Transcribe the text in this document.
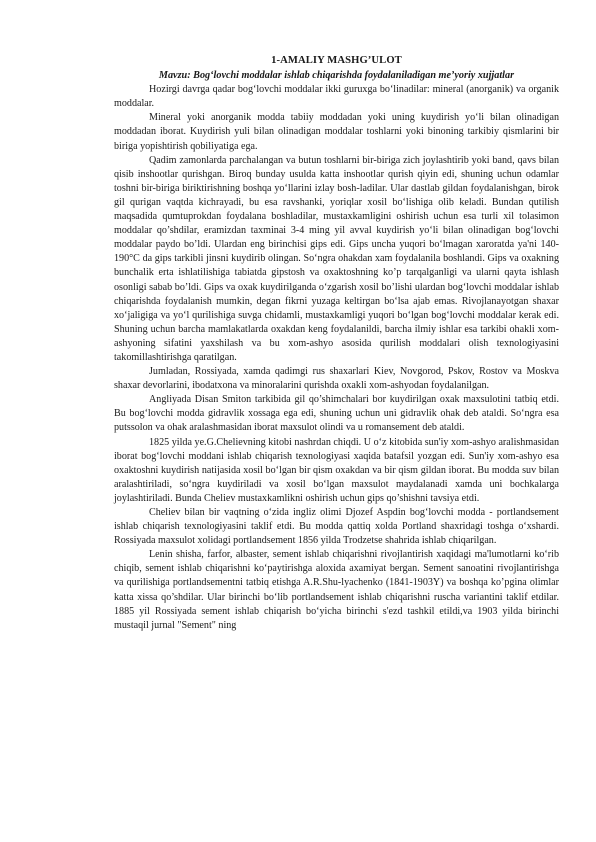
1-AMALIY MASHG’ULOT

Mavzu: Bog‘lovchi moddalar ishlab chiqarishda foydalaniladigan me’yoriy xujjatlar

Hozirgi davrga qadar bog‘lovchi moddalar ikki guruxga bo‘linadilar: mineral (anorganik) va organik moddalar.

Mineral yoki anorganik modda tabiiy moddadan yoki uning kuydirish yo‘li bilan olinadigan moddadan iborat. Kuydirish yuli bilan olinadigan moddalar toshlarni yoki binoning tarkibiy qismlarini bir biriga yopishtirish qobiliyatiga ega.

Qadim zamonlarda parchalangan va butun toshlarni bir-biriga zich joylashtirib yoki band, qavs bilan qisib inshootlar qurishgan. Biroq bunday usulda katta inshootlar qurish qiyin edi, shuning uchun odamlar toshni bir-biriga biriktirishning boshqa yo‘llarini izlay bosh-ladilar. Ular dastlab gildan foydalanishgan, birok gil qurigan vaqtda kichrayadi, bu esa ravshanki, yoriqlar xosil bo‘lishiga olib keladi. Bundan qutilish maqsadida qumtuprokdan foydalana boshladilar, mustaxkamligini oshirish uchun esa turli xil tolasimon moddalar qo’shdilar, eramizdan taxminai 3-4 ming yil avval kuydirish yo‘li bilan olinadigan bog‘lovchi moddalar paydo bo’ldi. Ulardan eng birinchisi gips edi. Gips uncha yuqori bo‘lmagan xaroratda ya'ni 140-190°C da gips tarkibli jinsni kuydirib olingan. So‘ngra ohakdan xam foydalanila boshlandi. Gips va oxakning bunchalik erta ishlatilishiga tabiatda gipstosh va oxaktoshning ko’p tarqalganligi va ularni qayta ishlash osonligi sabab bo’ldi. Gips va oxak kuydirilganda o‘zgarish xosil bo’lishi ulardan bog‘lovchi moddalar ishlab chiqarishda foydalanish mumkin, degan fikrni yuzaga keltirgan bo‘lsa ajab emas. Rivojlanayotgan shaxar xo‘jaligiga va yo‘l qurilishiga suvga chidamli, mustaxkamligi yuqori bo‘lgan bog‘lovchi moddalar kerak edi. Shuning uchun barcha mamlakatlarda oxakdan keng foydalanildi, barcha ilmiy ishlar esa tarkibi ohakli xom-ashyoning sifatini yaxshilash va bu xom-ashyo asosida qurilish moddalari olish texnologiyasini takomillashtirishga qaratilgan.

Jumladan, Rossiyada, xamda qadimgi rus shaxarlari Kiev, Novgorod, Pskov, Rostov va Moskva shaxar devorlarini, ibodatxona va minoralarini qurishda oxakli xom-ashyodan foydalanilgan.

Angliyada Disan Smiton tarkibida gil qo’shimchalari bor kuydirilgan oxak maxsulotini tatbiq etdi. Bu bog‘lovchi modda gidravlik xossaga ega edi, shuning uchun uni gidravlik ohak deb ataldi. So‘ngra esa putssolon va ohak aralashmasidan iborat maxsulot olindi va u romansement deb ataldi.

1825 yilda ye.G.Chelievning kitobi nashrdan chiqdi. U o‘z kitobida sun'iy xom-ashyo aralishmasidan iborat bog‘lovchi moddani ishlab chiqarish texnologiyasi xaqida batafsil yozgan edi. Sun'iy xom-ashyo esa oxaktoshni kuydirish natijasida xosil bo‘lgan bir qism oxakdan va bir qism gildan iborat. Bu modda suv bilan aralashtiriladi, so‘ngra kuydiriladi va xosil bo‘lgan maxsulot maydalanadi xamda uni bochkalarga joylashtiriladi. Bunda Cheliev mustaxkamlikni oshirish uchun gips qo’shishni tavsiya etdi.

Cheliev bilan bir vaqtning o‘zida ingliz olimi Djozef Aspdin bog‘lovchi modda - portlandsement ishlab chiqarish texnologiyasini taklif etdi. Bu modda qattiq xolda Portland shaxridagi toshga o‘xshardi. Rossiyada maxsulot xolidagi portlandsement 1856 yilda Trodzetse shahrida ishlab chiqarilgan.

Lenin shisha, farfor, albaster, sement ishlab chiqarishni rivojlantirish xaqidagi ma'lumotlarni ko‘rib chiqib, sement ishlab chiqarishni ko‘paytirishga aloxida axamiyat bergan. Sement sanoatini rivojlantirishga va qurilishiga portlandsementni tatbiq etishga A.R.Shu-lyachenko (1841-1903Y) va boshqa ko’pgina olimlar katta xissa qo’shdilar. Ular birinchi bo‘lib portlandsement ishlab chiqarishni ruscha variantini taklif etdilar. 1885 yil Rossiyada sement ishlab chiqarish bo‘yicha birinchi s'ezd tashkil etildi,va 1903 yilda birinchi mustaqil jurnal "Sement" ning
